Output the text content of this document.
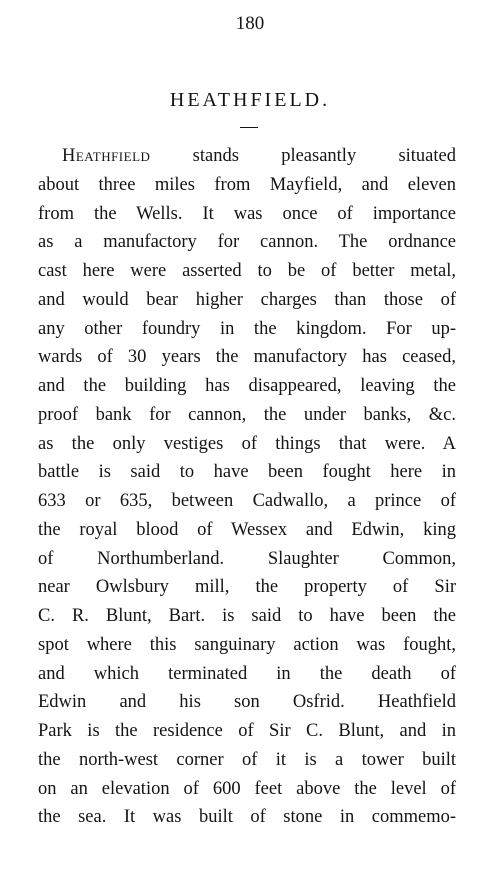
180
HEATHFIELD.
Heathfield stands pleasantly situated
about three miles from Mayfield, and eleven
from the Wells. It was once of importance
as a manufactory for cannon. The ordnance
cast here were asserted to be of better metal,
and would bear higher charges than those of
any other foundry in the kingdom. For up-
wards of 30 years the manufactory has ceased,
and the building has disappeared, leaving the
proof bank for cannon, the under banks, &c.
as the only vestiges of things that were. A
battle is said to have been fought here in
633 or 635, between Cadwallo, a prince of
the royal blood of Wessex and Edwin, king
of Northumberland. Slaughter Common,
near Owlsbury mill, the property of Sir
C. R. Blunt, Bart. is said to have been the
spot where this sanguinary action was fought,
and which terminated in the death of
Edwin and his son Osfrid. Heathfield
Park is the residence of Sir C. Blunt, and in
the north-west corner of it is a tower built
on an elevation of 600 feet above the level of
the sea. It was built of stone in commemo-
